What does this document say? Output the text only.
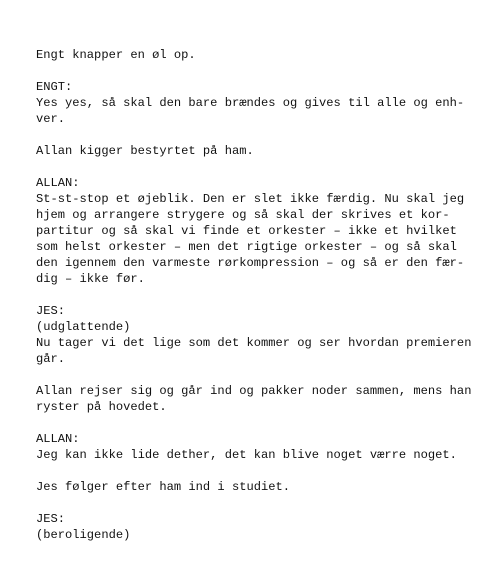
Engt knapper en øl op.
ENGT:
Yes yes, så skal den bare brændes og gives til alle og enh-
ver.
Allan kigger bestyrtet på ham.
ALLAN:
St-st-stop et øjeblik. Den er slet ikke færdig. Nu skal jeg
hjem og arrangere strygere og så skal der skrives et kor-
partitur og så skal vi finde et orkester – ikke et hvilket
som helst orkester – men det rigtige orkester – og så skal
den igennem den varmeste rørkompression – og så er den fær-
dig – ikke før.
JES:
(udglattende)
Nu tager vi det lige som det kommer og ser hvordan premieren
går.
Allan rejser sig og går ind og pakker noder sammen, mens han
ryster på hovedet.
ALLAN:
Jeg kan ikke lide dether, det kan blive noget værre noget.
Jes følger efter ham ind i studiet.
JES:
(beroligende)
